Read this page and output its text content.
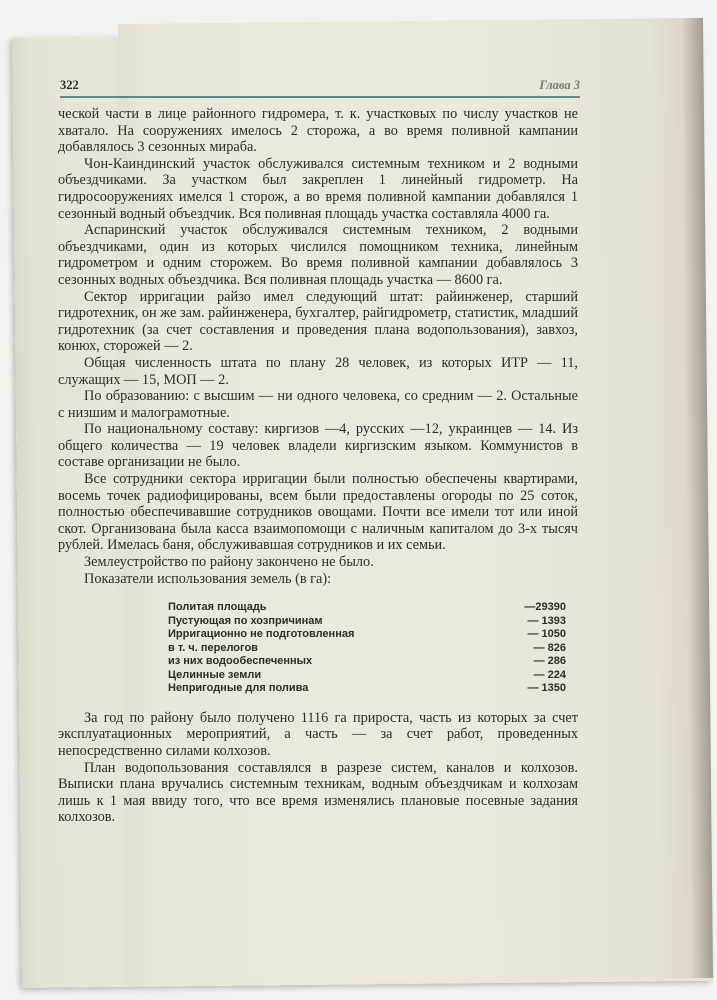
322	Глава 3

ческой части в лице районного гидромера, т. к. участковых по числу участков не хватало. На сооружениях имелось 2 сторожа, а во время поливной кампании добавлялось 3 сезонных мираба.

Чон-Каиндинский участок обслуживался системным техником и 2 водными объездчиками. За участком был закреплен 1 линейный гидрометр. На гидросооружениях имелся 1 сторож, а во время поливной кампании добавлялся 1 сезонный водный объездчик. Вся поливная площадь участка составляла 4000 га.

Аспаринский участок обслуживался системным техником, 2 водными объездчиками, один из которых числился помощником техника, линейным гидрометром и одним сторожем. Во время поливной кампании добавлялось 3 сезонных водных объездчика. Вся поливная площадь участка — 8600 га.

Сектор ирригации райзо имел следующий штат: райинженер, старший гидротехник, он же зам. райинженера, бухгалтер, райгидрометр, статистик, младший гидротехник (за счет составления и проведения плана водопользования), завхоз, конюх, сторожей — 2.

Общая численность штата по плану 28 человек, из которых ИТР — 11, служащих — 15, МОП — 2.

По образованию: с высшим — ни одного человека, со средним — 2. Остальные с низшим и малограмотные.

По национальному составу: киргизов —4, русских —12, украинцев — 14. Из общего количества — 19 человек владели киргизским языком. Коммунистов в составе организации не было.

Все сотрудники сектора ирригации были полностью обеспечены квартирами, восемь точек радиофицированы, всем были предоставлены огороды по 25 соток, полностью обеспечивавшие сотрудников овощами. Почти все имели тот или иной скот. Организована была касса взаимопомощи с наличным капиталом до 3-х тысяч рублей. Имелась баня, обслуживавшая сотрудников и их семьи.

Землеустройство по району закончено не было.

Показатели использования земель (в га):

Политая площадь	—29390
Пустующая по хозпричинам	— 1393
Ирригационно не подготовленная	— 1050
в т. ч. перелогов	— 826
из них водообеспеченных	— 286
Целинные земли	— 224
Непригодные для полива	— 1350

За год по району было получено 1116 га прироста, часть из которых за счет эксплуатационных мероприятий, а часть — за счет работ, проведенных непосредственно силами колхозов.

План водопользования составлялся в разрезе систем, каналов и колхозов. Выписки плана вручались системным техникам, водным объездчикам и колхозам лишь к 1 мая ввиду того, что все время изменялись плановые посевные задания колхозов.
